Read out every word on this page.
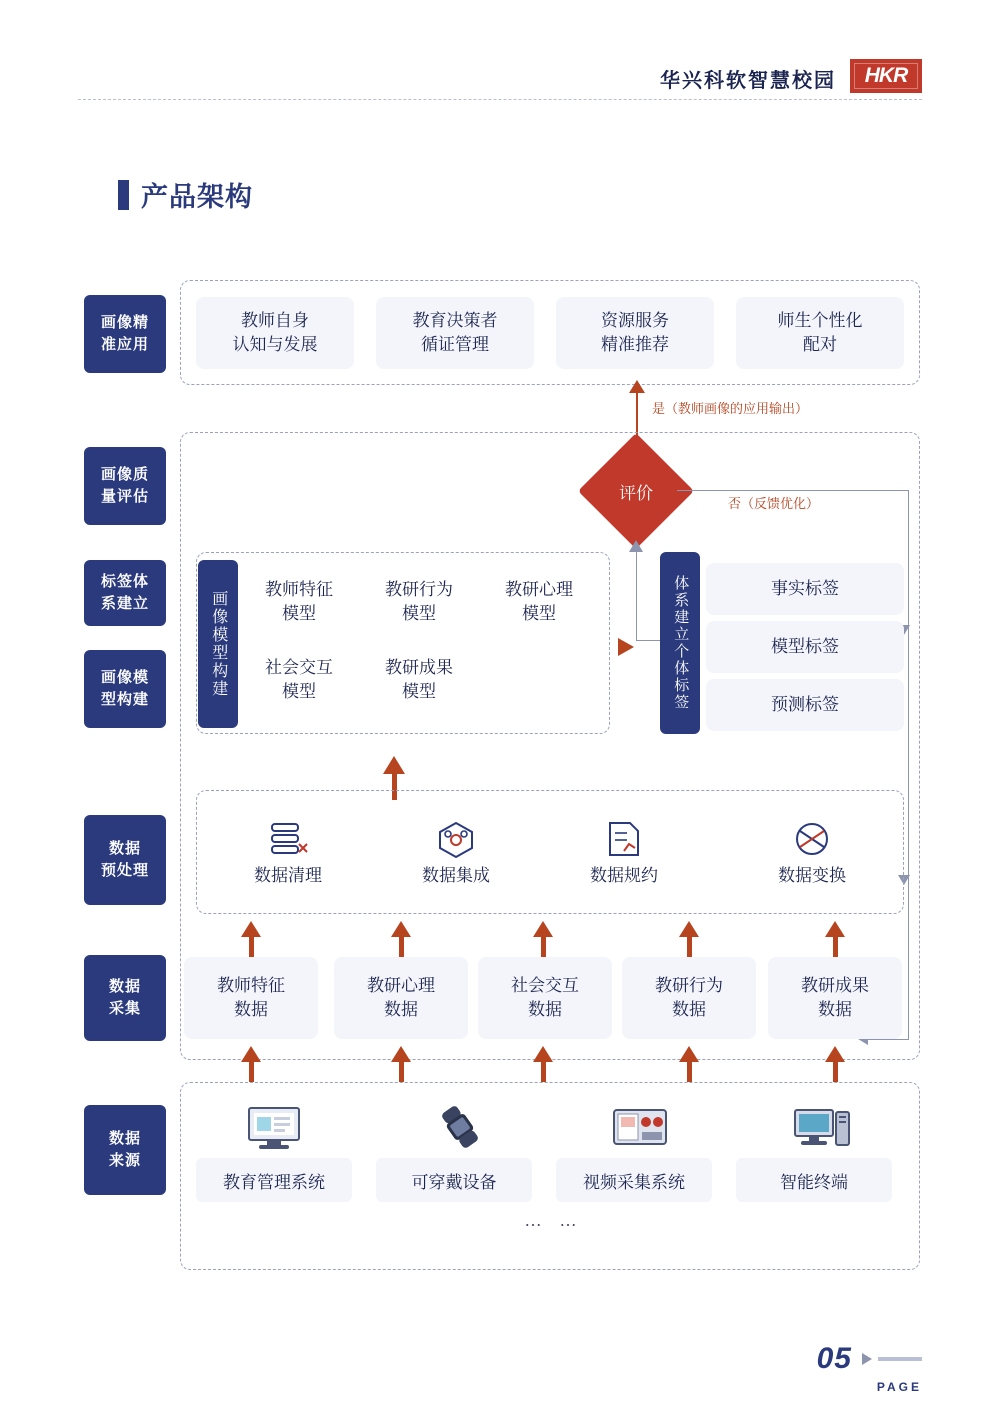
华兴科软智慧校园	HKR
产品架构
画像精
准应用
画像质
量评估
标签体
系建立
画像模
型构建
数据
预处理
数据
采集
数据
来源
教师自身
认知与发展
教育决策者
循证管理
资源服务
精准推荐
师生个性化
配对
是（教师画像的应用输出）
评价
否（反馈优化）
画像模型构建
教师特征
模型
教研行为
模型
教研心理
模型
社会交互
模型
教研成果
模型	体系建立个体标签	事实标签
模型标签
预测标签
数据清理	数据集成	数据规约	数据变换
教师特征
数据
教研心理
数据
社会交互
数据
教研行为
数据
教研成果
数据
教育管理系统	可穿戴设备	视频采集系统	智能终端
… …
05
PAGE
